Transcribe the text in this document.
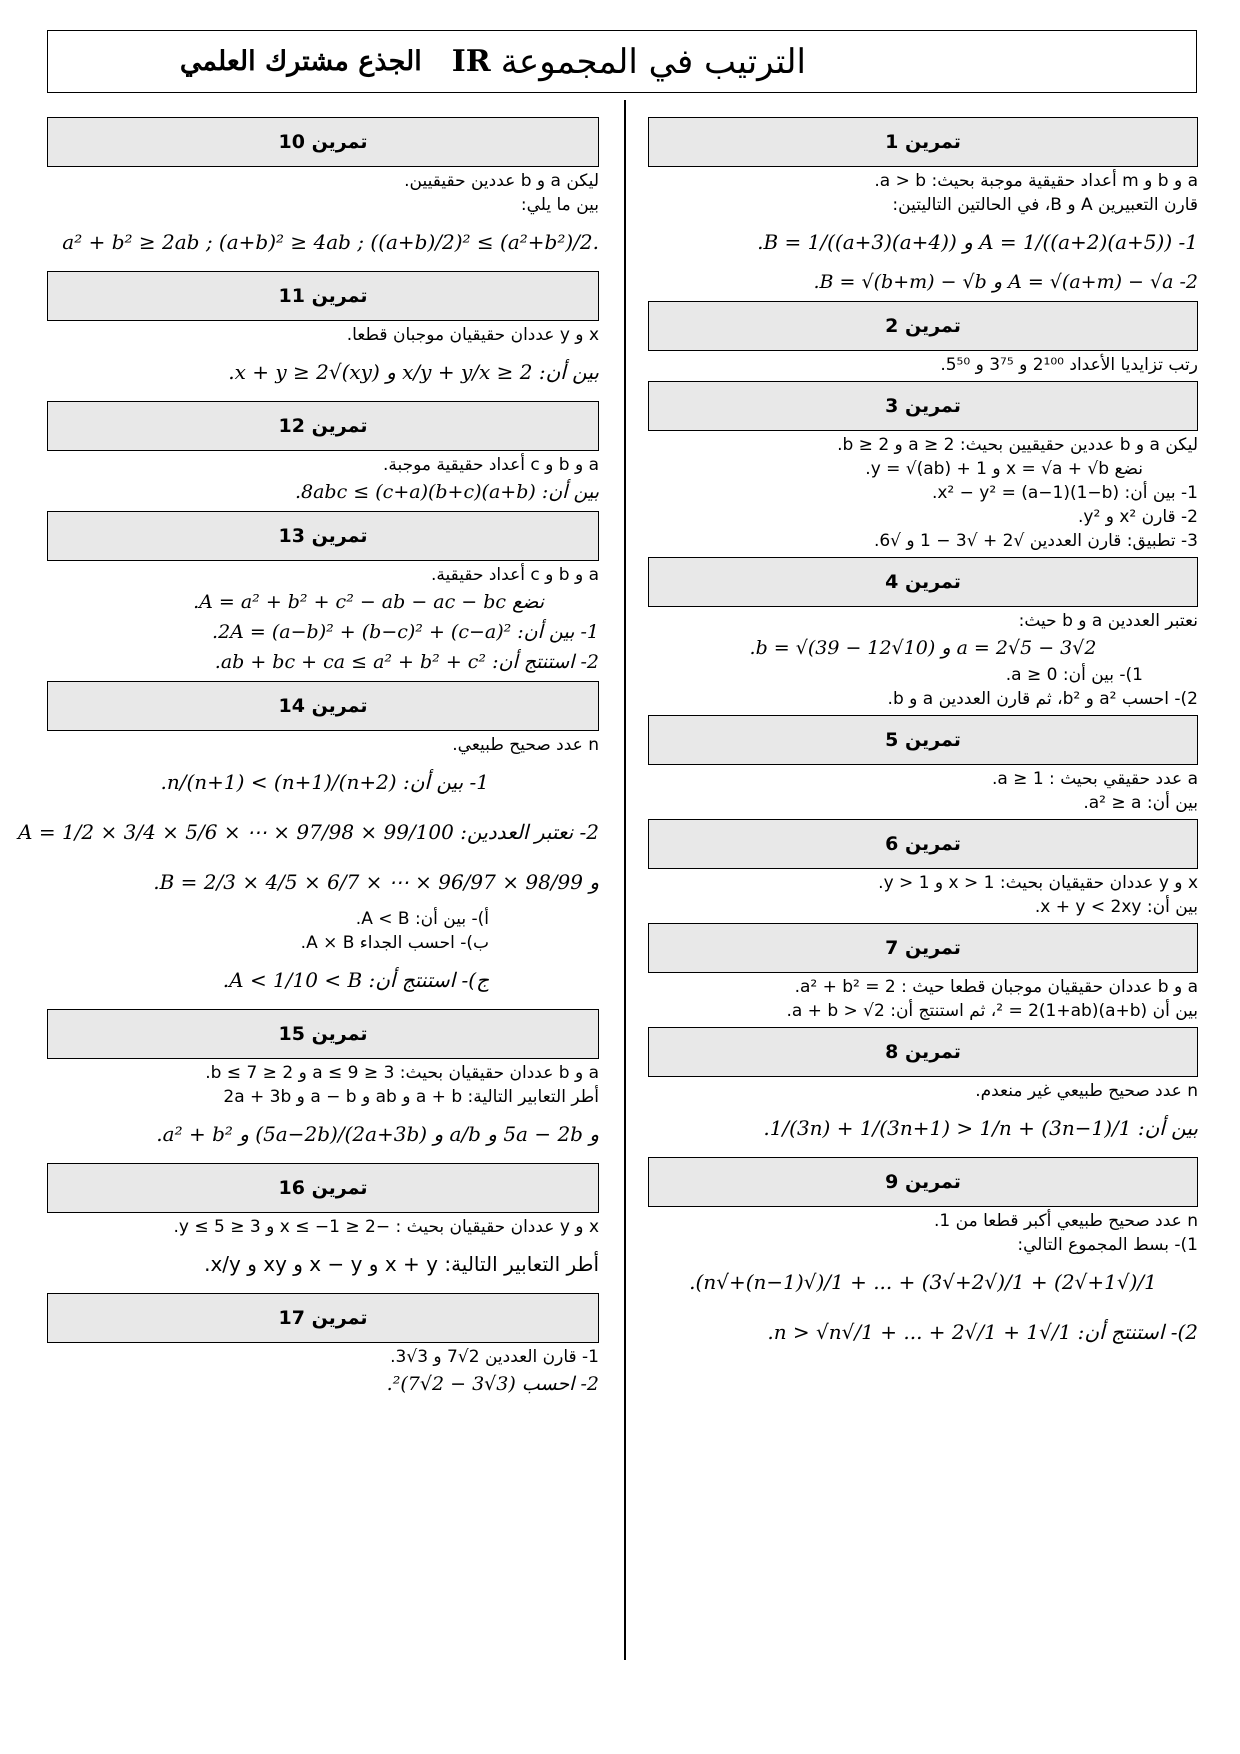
الترتيب في المجموعة
IR
الجذع مشترك العلمي
تمرين 1
a و b و m أعداد حقيقية موجبة بحيث: a > b.
قارن التعبيرين A و B، في الحالتين التاليتين:
1- A = 1/((a+2)(a+5)) و B = 1/((a+3)(a+4)).
2- A = √(a+m) − √a و B = √(b+m) − √b.
تمرين 2
رتب تزايديا الأعداد 2¹⁰⁰ و 3⁷⁵ و 5⁵⁰.
تمرين 3
ليكن a و b عددين حقيقيين بحيث: a ≥ 2 و b ≥ 2.
نضع x = √a + √b و y = √(ab) + 1.
1- بين أن: x² − y² = (a−1)(1−b).
2- قارن x² و y².
3- تطبيق: قارن العددين √2 + √3 − 1 و √6.
تمرين 4
نعتبر العددين a و b حيث:
a = 2√5 − 3√2 و b = √(39 − 12√10).
1)- بين أن: a ≥ 0.
2)- احسب a² و b²، ثم قارن العددين a و b.
تمرين 5
a عدد حقيقي بحيث : a ≥ 1.
بين أن: a² ≥ a.
تمرين 6
x و y عددان حقيقيان بحيث: x > 1 و y > 1.
بين أن: x + y < 2xy.
تمرين 7
a و b عددان حقيقيان موجبان قطعا حيث : a² + b² = 2.
بين أن (a+b)² = 2(1+ab)، ثم استنتج أن: a + b > √2.
تمرين 8
n عدد صحيح طبيعي غير منعدم.
بين أن: 1/(3n−1) + 1/(3n) + 1/(3n+1) > 1/n.
تمرين 9
n عدد صحيح طبيعي أكبر قطعا من 1.
1)- بسط المجموع التالي:
1/(√1+√2) + 1/(√2+√3) + ... + 1/(√(n−1)+√n).
2)- استنتج أن: 1/√1 + 1/√2 + ... + 1/√n > √n.
تمرين 10
ليكن a و b عددين حقيقيين.
بين ما يلي:
a² + b² ≥ 2ab ; (a+b)² ≥ 4ab ; ((a+b)/2)² ≤ (a²+b²)/2.
تمرين 11
x و y عددان حقيقيان موجبان قطعا.
بين أن: x/y + y/x ≥ 2 و x + y ≥ 2√(xy).
تمرين 12
a و b و c أعداد حقيقية موجبة.
بين أن: (a+b)(b+c)(c+a) ≥ 8abc.
تمرين 13
a و b و c أعداد حقيقية.
نضع A = a² + b² + c² − ab − ac − bc.
1- بين أن: 2A = (a−b)² + (b−c)² + (c−a)².
2- استنتج أن: ab + bc + ca ≤ a² + b² + c².
تمرين 14
n عدد صحيح طبيعي.
1- بين أن: n/(n+1) < (n+1)/(n+2).
2- نعتبر العددين: A = 1/2 × 3/4 × 5/6 × ⋯ × 97/98 × 99/100
و B = 2/3 × 4/5 × 6/7 × ⋯ × 96/97 × 98/99.
أ)- بين أن: A < B.
ب)- احسب الجداء A × B.
ج)- استنتج أن: A < 1/10 < B.
تمرين 15
a و b عددان حقيقيان بحيث: 3 ≤ a ≤ 9 و 2 ≤ b ≤ 7.
أطر التعابير التالية: a + b و ab و a − b و 2a + 3b
و 5a − 2b و a/b و (2a+3b)/(5a−2b) و a² + b².
تمرين 16
x و y عددان حقيقيان بحيث : −2 ≤ x ≤ −1 و 3 ≤ y ≤ 5.
أطر التعابير التالية: x + y و x − y و xy و x/y.
تمرين 17
1- قارن العددين 2√7 و 3√3.
2- احسب (3√3 − 2√7)².
